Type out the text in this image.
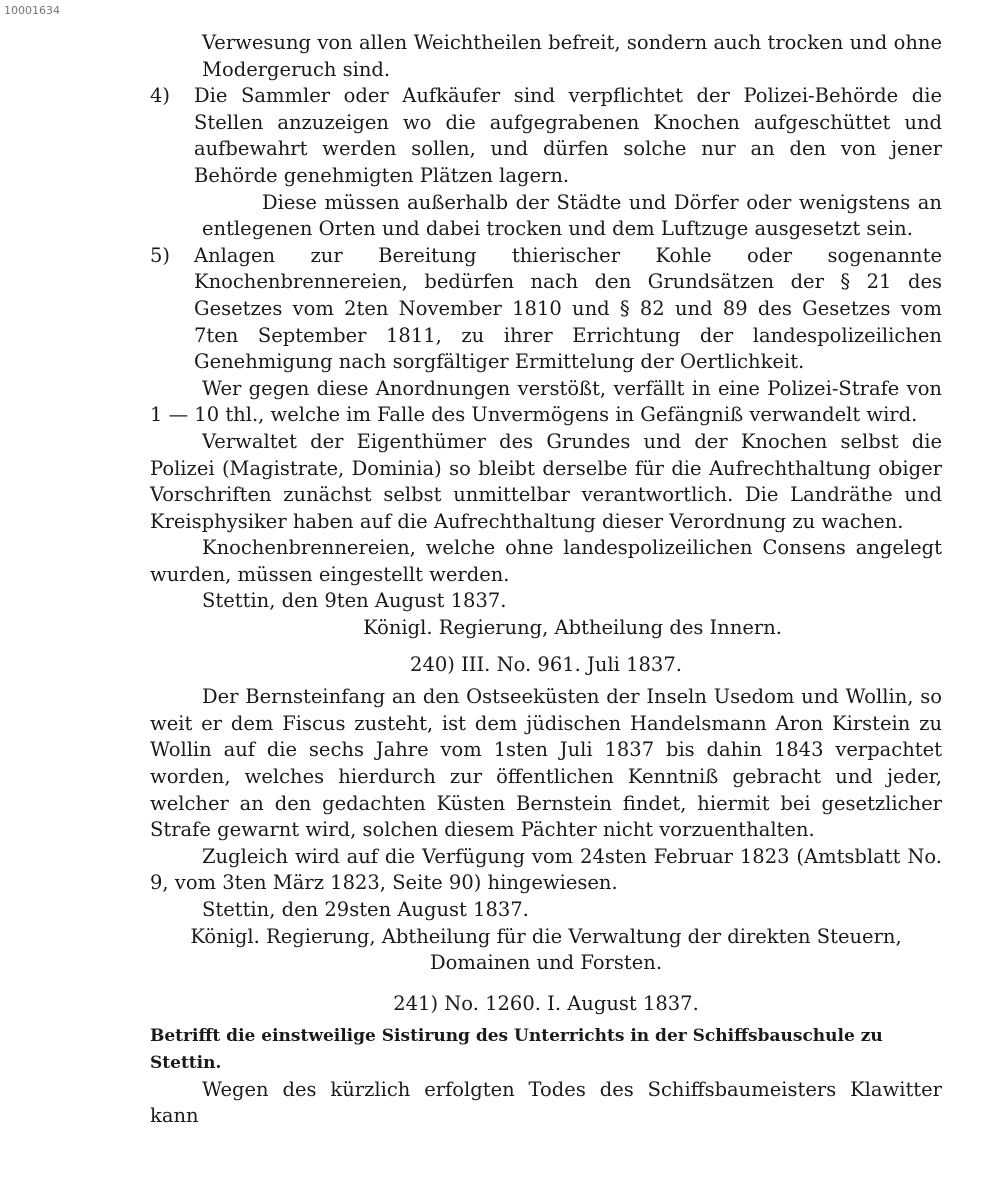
10001634

Verwesung von allen Weichtheilen befreit, sondern auch trocken und ohne Modergeruch sind.

4)	Die Sammler oder Aufkäufer sind verpflichtet der Polizei-Behörde die Stellen anzuzeigen wo die aufgegrabenen Knochen aufgeschüttet und aufbewahrt werden sollen, und dürfen solche nur an den von jener Behörde genehmigten Plätzen lagern.

Diese müssen außerhalb der Städte und Dörfer oder wenigstens an entlegenen Orten und dabei trocken und dem Luftzuge ausgesetzt sein.

5)	Anlagen zur Bereitung thierischer Kohle oder sogenannte Knochenbrennereien, bedürfen nach den Grundsätzen der § 21 des Gesetzes vom 2ten November 1810 und § 82 und 89 des Gesetzes vom 7ten September 1811, zu ihrer Errichtung der landespolizeilichen Genehmigung nach sorgfältiger Ermittelung der Oertlichkeit.

Wer gegen diese Anordnungen verstößt, verfällt in eine Polizei-Strafe von 1 — 10 thl., welche im Falle des Unvermögens in Gefängniß verwandelt wird.

Verwaltet der Eigenthümer des Grundes und der Knochen selbst die Polizei (Magistrate, Dominia) so bleibt derselbe für die Aufrechthaltung obiger Vorschriften zunächst selbst unmittelbar verantwortlich. Die Landräthe und Kreisphysiker haben auf die Aufrechthaltung dieser Verordnung zu wachen.

Knochenbrennereien, welche ohne landespolizeilichen Consens angelegt wurden, müssen eingestellt werden.

Stettin, den 9ten August 1837.

Königl. Regierung, Abtheilung des Innern.

240) III. No. 961. Juli 1837.

Der Bernsteinfang an den Ostseeküsten der Inseln Usedom und Wollin, so weit er dem Fiscus zusteht, ist dem jüdischen Handelsmann Aron Kirstein zu Wollin auf die sechs Jahre vom 1sten Juli 1837 bis dahin 1843 verpachtet worden, welches hierdurch zur öffentlichen Kenntniß gebracht und jeder, welcher an den gedachten Küsten Bernstein findet, hiermit bei gesetzlicher Strafe gewarnt wird, solchen diesem Pächter nicht vorzuenthalten.

Zugleich wird auf die Verfügung vom 24sten Februar 1823 (Amtsblatt No. 9, vom 3ten März 1823, Seite 90) hingewiesen.

Stettin, den 29sten August 1837.

Königl. Regierung, Abtheilung für die Verwaltung der direkten Steuern,

Domainen und Forsten.

241) No. 1260. I. August 1837.

Betrifft die einstweilige Sistirung des Unterrichts in der Schiffsbauschule zu Stettin.

Wegen des kürzlich erfolgten Todes des Schiffsbaumeisters Klawitter kann
